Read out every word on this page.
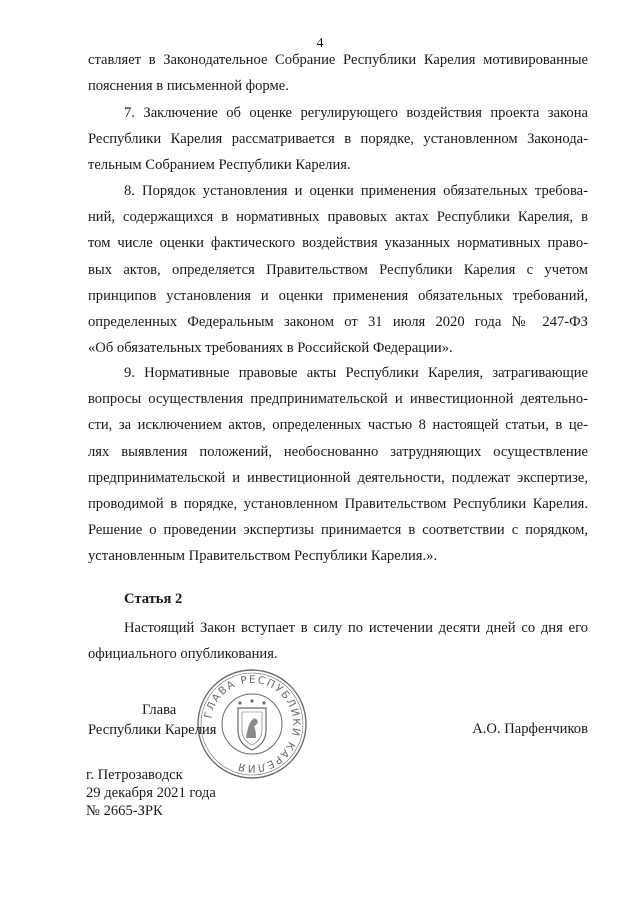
4
ставляет в Законодательное Собрание Республики Карелия мотивированные
пояснения в письменной форме.
7. Заключение об оценке регулирующего воздействия проекта закона
Республики Карелия рассматривается в порядке, установленном Законода-
тельным Собранием Республики Карелия.
8. Порядок установления и оценки применения обязательных требова-
ний, содержащихся в нормативных правовых актах Республики Карелия, в
том числе оценки фактического воздействия указанных нормативных право-
вых актов, определяется Правительством Республики Карелия с учетом
принципов установления и оценки применения обязательных требований,
определенных Федеральным законом от 31 июля 2020 года № 247-ФЗ
«Об обязательных требованиях в Российской Федерации».
9. Нормативные правовые акты Республики Карелия, затрагивающие
вопросы осуществления предпринимательской и инвестиционной деятельно-
сти, за исключением актов, определенных частью 8 настоящей статьи, в це-
лях выявления положений, необоснованно затрудняющих осуществление
предпринимательской и инвестиционной деятельности, подлежат экспертизе,
проводимой в порядке, установленном Правительством Республики Карелия.
Решение о проведении экспертизы принимается в соответствии с порядком,
установленным Правительством Республики Карелия.».
Статья 2
Настоящий Закон вступает в силу по истечении десяти дней со дня его
официального опубликования.
ГЛАВА РЕСПУБЛИКИ КАРЕЛИЯ
Глава
Республики Карелия	А.О. Парфенчиков
г. Петрозаводск
29 декабря 2021 года
№ 2665-ЗРК
